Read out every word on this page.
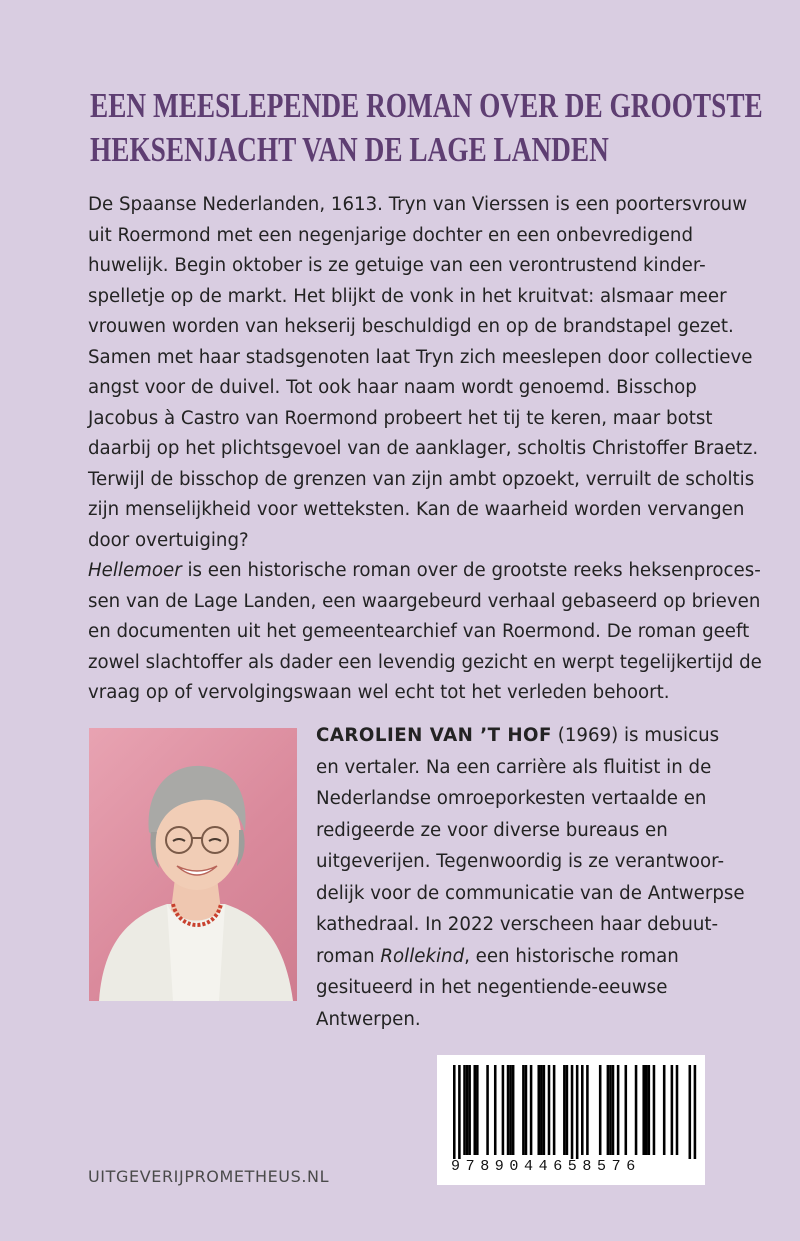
EEN MEESLEPENDE ROMAN OVER DE GROOTSTE
HEKSENJACHT VAN DE LAGE LANDEN

De Spaanse Nederlanden, 1613. Tryn van Vierssen is een poortersvrouw
uit Roermond met een negenjarige dochter en een onbevredigend
huwelijk. Begin oktober is ze getuige van een verontrustend kinder-
spelletje op de markt. Het blijkt de vonk in het kruitvat: alsmaar meer
vrouwen worden van hekserij beschuldigd en op de brandstapel gezet.
Samen met haar stadsgenoten laat Tryn zich meeslepen door collectieve
angst voor de duivel. Tot ook haar naam wordt genoemd. Bisschop
Jacobus à Castro van Roermond probeert het tij te keren, maar botst
daarbij op het plichtsgevoel van de aanklager, scholtis Christoffer Braetz.
Terwijl de bisschop de grenzen van zijn ambt opzoekt, verruilt de scholtis
zijn menselijkheid voor wetteksten. Kan de waarheid worden vervangen
door overtuiging?

Hellemoer is een historische roman over de grootste reeks heksenproces-
sen van de Lage Landen, een waargebeurd verhaal gebaseerd op brieven
en documenten uit het gemeentearchief van Roermond. De roman geeft
zowel slachtoffer als dader een levendig gezicht en werpt tegelijkertijd de
vraag op of vervolgingswaan wel echt tot het verleden behoort.

CAROLIEN VAN ’T HOF (1969) is musicus
en vertaler. Na een carrière als fluitist in de
Nederlandse omroeporkesten vertaalde en
redigeerde ze voor diverse bureaus en
uitgeverijen. Tegenwoordig is ze verantwoor-
delijk voor de communicatie van de Antwerpse
kathedraal. In 2022 verscheen haar debuut-
roman Rollekind, een historische roman
gesitueerd in het negentiende-eeuwse
Antwerpen.

UITGEVERIJPROMETHEUS.NL

9789044658576
